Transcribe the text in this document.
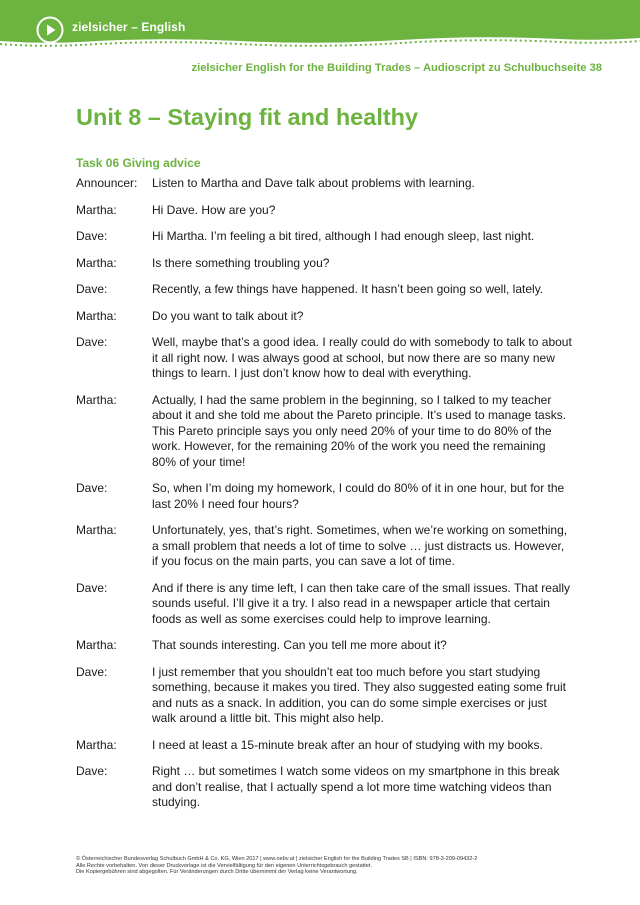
zielsicher – English
zielsicher English for the Building Trades – Audioscript zu Schulbuchseite 38
Unit 8 – Staying fit and healthy
Task 06 Giving advice
Announcer:	Listen to Martha and Dave talk about problems with learning.
Martha:	Hi Dave. How are you?
Dave:	Hi Martha. I’m feeling a bit tired, although I had enough sleep, last night.
Martha:	Is there something troubling you?
Dave:	Recently, a few things have happened. It hasn’t been going so well, lately.
Martha:	Do you want to talk about it?
Dave:	Well, maybe that’s a good idea. I really could do with somebody to talk to about it all right now. I was always good at school, but now there are so many new things to learn. I just don’t know how to deal with everything.
Martha:	Actually, I had the same problem in the beginning, so I talked to my teacher about it and she told me about the Pareto principle. It’s used to manage tasks. This Pareto principle says you only need 20% of your time to do 80% of the work. However, for the remaining 20% of the work you need the remaining 80% of your time!
Dave:	So, when I’m doing my homework, I could do 80% of it in one hour, but for the last 20% I need four hours?
Martha:	Unfortunately, yes, that’s right. Sometimes, when we’re working on something, a small problem that needs a lot of time to solve … just distracts us. However, if you focus on the main parts, you can save a lot of time.
Dave:	And if there is any time left, I can then take care of the small issues. That really sounds useful. I’ll give it a try. I also read in a newspaper article that certain foods as well as some exercises could help to improve learning.
Martha:	That sounds interesting. Can you tell me more about it?
Dave:	I just remember that you shouldn’t eat too much before you start studying something, because it makes you tired. They also suggested eating some fruit and nuts as a snack. In addition, you can do some simple exercises or just walk around a little bit. This might also help.
Martha:	I need at least a 15-minute break after an hour of studying with my books.
Dave:	Right … but sometimes I watch some videos on my smartphone in this break and don’t realise, that I actually spend a lot more time watching videos than studying.
© Österreichischer Bundesverlag Schulbuch GmbH & Co. KG, Wien 2017 | www.oebv.at | zielsicher English for the Building Trades SB | ISBN: 978-3-209-09432-2
Alle Rechte vorbehalten. Von dieser Druckvorlage ist die Vervielfältigung für den eigenen Unterrichtsgebrauch gestattet.
Die Kopiergebühren sind abgegolten. Für Veränderungen durch Dritte übernimmt der Verlag keine Verantwortung.
